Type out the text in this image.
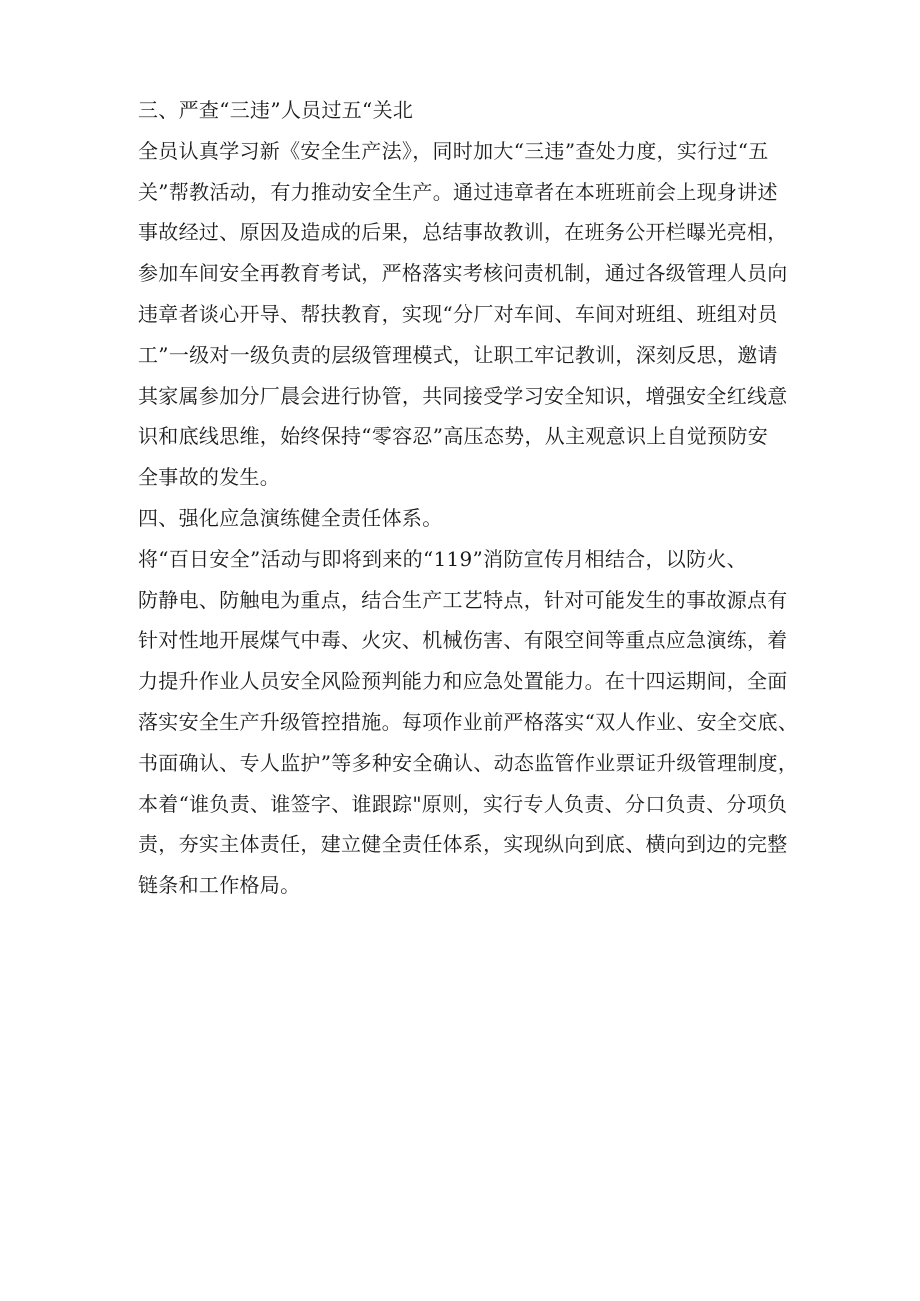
三、严查“三违”人员过五“关北
全员认真学习新《安全生产法》，同时加大“三违”查处力度，实行过“五
关”帮教活动，有力推动安全生产。通过违章者在本班班前会上现身讲述
事故经过、原因及造成的后果，总结事故教训，在班务公开栏曝光亮相，
参加车间安全再教育考试，严格落实考核问责机制，通过各级管理人员向
违章者谈心开导、帮扶教育，实现“分厂对车间、车间对班组、班组对员
工”一级对一级负责的层级管理模式，让职工牢记教训，深刻反思，邀请
其家属参加分厂晨会进行协管，共同接受学习安全知识，增强安全红线意
识和底线思维，始终保持“零容忍”高压态势，从主观意识上自觉预防安
全事故的发生。
四、强化应急演练健全责任体系。
将“百日安全”活动与即将到来的“119”消防宣传月相结合，以防火、
防静电、防触电为重点，结合生产工艺特点，针对可能发生的事故源点有
针对性地开展煤气中毒、火灾、机械伤害、有限空间等重点应急演练，着
力提升作业人员安全风险预判能力和应急处置能力。在十四运期间，全面
落实安全生产升级管控措施。每项作业前严格落实“双人作业、安全交底、
书面确认、专人监护”等多种安全确认、动态监管作业票证升级管理制度，
本着“谁负责、谁签字、谁跟踪"原则，实行专人负责、分口负责、分项负
责，夯实主体责任，建立健全责任体系，实现纵向到底、横向到边的完整
链条和工作格局。
